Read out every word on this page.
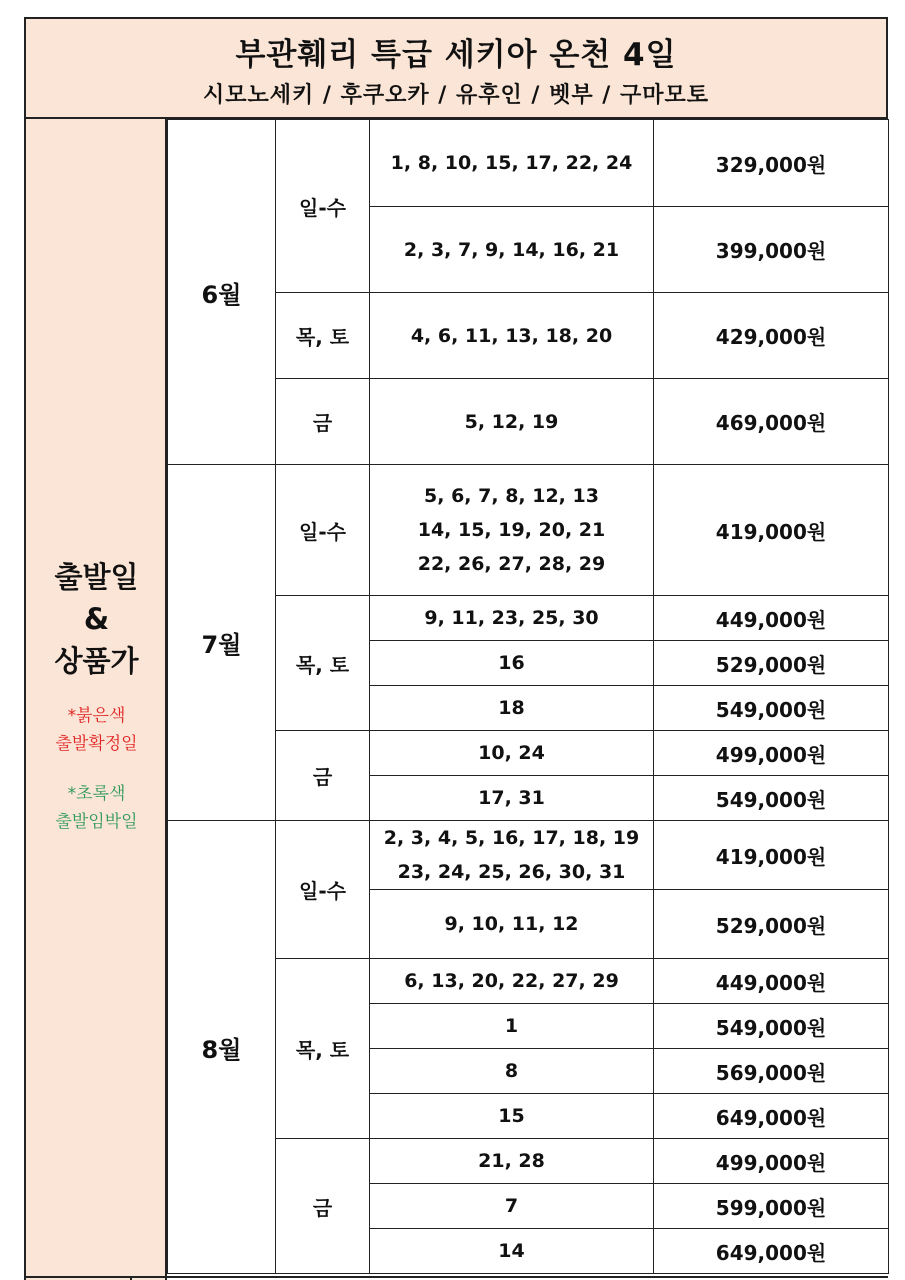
부관훼리 특급 세키아 온천 4일
시모노세키 / 후쿠오카 / 유후인 / 벳부 / 구마모토
출발일
&
상품가
*붉은색
출발확정일
*초록색
출발임박일
6월	일-수	1, 8, 10, 15, 17, 22, 24	329,000원

		2, 3, 7, 9, 14, 16, 21	399,000원
	목, 토	4, 6, 11, 13, 18, 20	429,000원
	금	5, 12, 19	469,000원
7월	일-수	5, 6, 7, 8, 12, 13
14, 15, 19, 20, 21
22, 26, 27, 28, 29	419,000원
	목, 토	9, 11, 23, 25, 30	449,000원

		16	529,000원

		18	549,000원
	금	10, 24	499,000원

		17, 31	549,000원
8월	일-수	2, 3, 4, 5, 16, 17, 18, 19
23, 24, 25, 26, 30, 31	419,000원

		9, 10, 11, 12	529,000원
	목, 토	6, 13, 20, 22, 27, 29	449,000원

		1	549,000원

		8	569,000원

		15	649,000원
	금	21, 28	499,000원

		7	599,000원

		14	649,000원
